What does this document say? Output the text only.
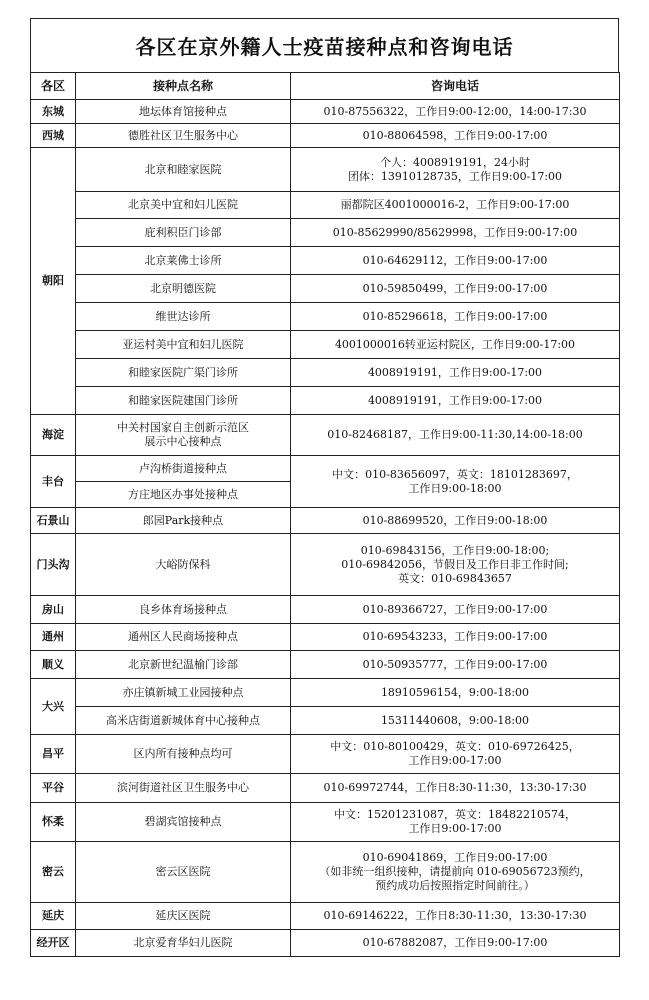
各区在京外籍人士疫苗接种点和咨询电话
各区	接种点名称	咨询电话
东城	地坛体育馆接种点	010-87556322，工作日9:00-12:00，14:00-17:30
西城	德胜社区卫生服务中心	010-88064598，工作日9:00-17:00
朝阳	北京和睦家医院	个人：4008919191，24小时
团体：13910128735，工作日9:00-17:00
	北京美中宜和妇儿医院	丽都院区4001000016-2，工作日9:00-17:00
	庇利积臣门诊部	010-85629990/85629998，工作日9:00-17:00
	北京莱佛士诊所	010-64629112，工作日9:00-17:00
	北京明德医院	010-59850499，工作日9:00-17:00
	维世达诊所	010-85296618，工作日9:00-17:00
	亚运村美中宜和妇儿医院	4001000016转亚运村院区，工作日9:00-17:00
	和睦家医院广渠门诊所	4008919191，工作日9:00-17:00
	和睦家医院建国门诊所	4008919191，工作日9:00-17:00
海淀	中关村国家自主创新示范区
展示中心接种点	010-82468187，工作日9:00-11:30,14:00-18:00
丰台	卢沟桥街道接种点	中文：010-83656097，英文：18101283697，
工作日9:00-18:00
	方庄地区办事处接种点	
石景山	郎园Park接种点	010-88699520，工作日9:00-18:00
门头沟	大峪防保科	010-69843156，工作日9:00-18:00;
010-69842056，节假日及工作日非工作时间;
英文：010-69843657
房山	良乡体育场接种点	010-89366727，工作日9:00-17:00
通州	通州区人民商场接种点	010-69543233，工作日9:00-17:00
顺义	北京新世纪温榆门诊部	010-50935777，工作日9:00-17:00
大兴	亦庄镇新城工业园接种点	18910596154，9:00-18:00
	高米店街道新城体育中心接种点	15311440608，9:00-18:00
昌平	区内所有接种点均可	中文：010-80100429，英文：010-69726425，
工作日9:00-17:00
平谷	滨河街道社区卫生服务中心	010-69972744，工作日8:30-11:30，13:30-17:30
怀柔	碧湖宾馆接种点	中文：15201231087，英文：18482210574，
工作日9:00-17:00
密云	密云区医院	010-69041869，工作日9:00-17:00
（如非统一组织接种，请提前向 010-69056723预约，
预约成功后按照指定时间前往。）
延庆	延庆区医院	010-69146222，工作日8:30-11:30，13:30-17:30
经开区	北京爱育华妇儿医院	010-67882087，工作日9:00-17:00
